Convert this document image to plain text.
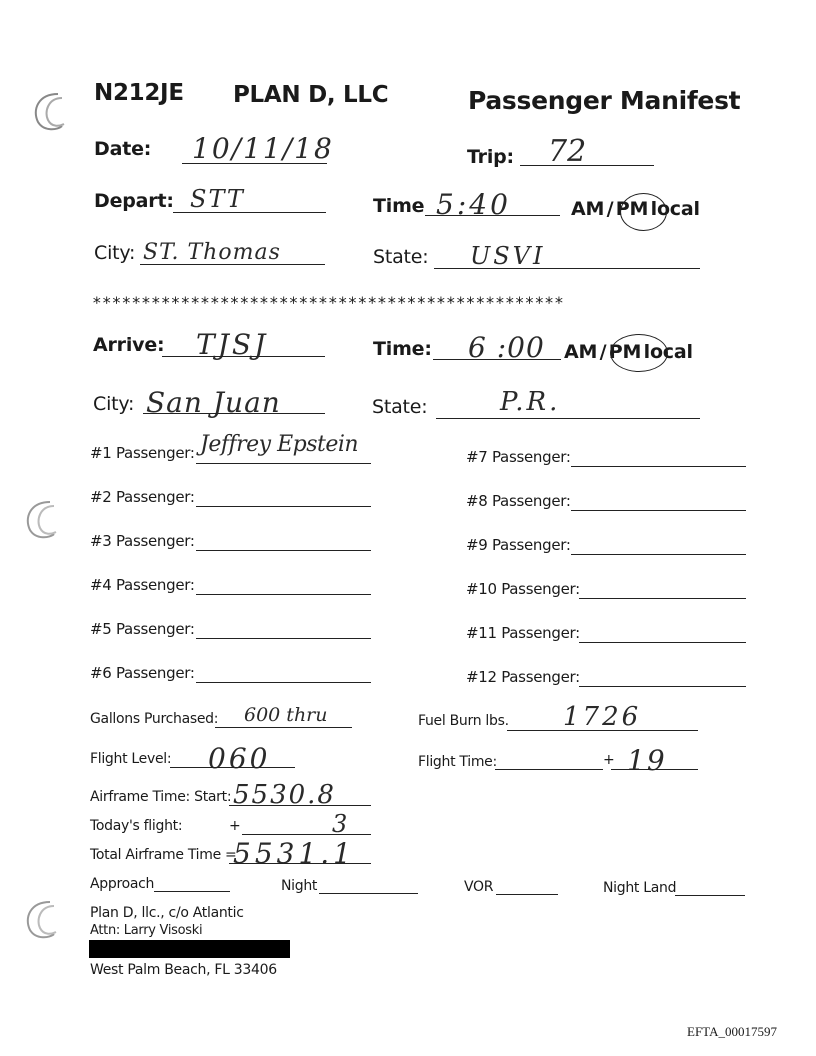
N212JE PLAN D, LLC	Passenger Manifest
Date: 10/11/18	Trip: 72
Depart: STT	Time 5:40	AM / PM local
City: ST. Thomas	State: USVI
************************************************
Arrive: TJSJ	Time: 6 :00 AM / PM local
City: San Juan	State:	P.R.
#1 Passenger: Jeffrey Epstein
#2 Passenger:
#3 Passenger:
#4 Passenger:
#5 Passenger:
#6 Passenger:
#7 Passenger:
#8 Passenger:
#9 Passenger:
#10 Passenger:
#11 Passenger:
#12 Passenger:
Gallons Purchased: 600 thru	Fuel Burn lbs. 1726
Flight Level: 060	Flight Time:	+ 19
Airframe Time: Start: 5530.8
Today's flight:	+	3
Total Airframe Time =
5531.1
Approach	Night	VOR	Night Land
Plan D, llc., c/o Atlantic
Attn: Larry Visoski
West Palm Beach, FL 33406
EFTA_00017597
